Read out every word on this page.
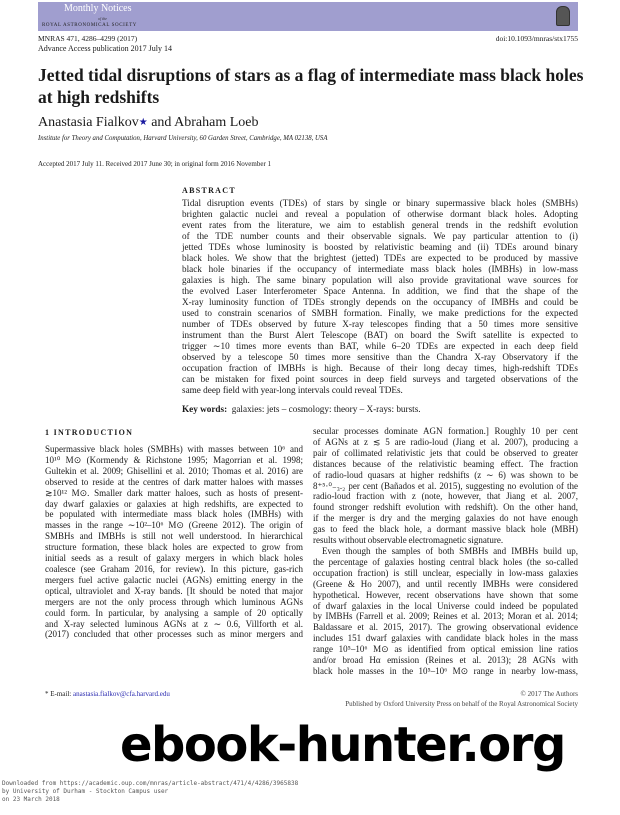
Monthly Notices
of the
ROYAL ASTRONOMICAL SOCIETY
MNRAS 471, 4286–4299 (2017)
Advance Access publication 2017 July 14
doi:10.1093/mnras/stx1755
Jetted tidal disruptions of stars as a flag of intermediate mass black holes at high redshifts
Anastasia Fialkov★ and Abraham Loeb
Institute for Theory and Computation, Harvard University, 60 Garden Street, Cambridge, MA 02138, USA
Accepted 2017 July 11. Received 2017 June 30; in original form 2016 November 1
ABSTRACT
Tidal disruption events (TDEs) of stars by single or binary supermassive black holes (SMBHs)
brighten galactic nuclei and reveal a population of otherwise dormant black holes. Adopting
event rates from the literature, we aim to establish general trends in the redshift evolution
of the TDE number counts and their observable signals. We pay particular attention to (i)
jetted TDEs whose luminosity is boosted by relativistic beaming and (ii) TDEs around binary
black holes. We show that the brightest (jetted) TDEs are expected to be produced by massive
black hole binaries if the occupancy of intermediate mass black holes (IMBHs) in low-mass
galaxies is high. The same binary population will also provide gravitational wave sources for
the evolved Laser Interferometer Space Antenna. In addition, we find that the shape of the
X-ray luminosity function of TDEs strongly depends on the occupancy of IMBHs and could be
used to constrain scenarios of SMBH formation. Finally, we make predictions for the expected
number of TDEs observed by future X-ray telescopes finding that a 50 times more sensitive
instrument than the Burst Alert Telescope (BAT) on board the Swift satellite is expected to
trigger ∼10 times more events than BAT, while 6–20 TDEs are expected in each deep field
observed by a telescope 50 times more sensitive than the Chandra X-ray Observatory if the
occupation fraction of IMBHs is high. Because of their long decay times, high-redshift TDEs
can be mistaken for fixed point sources in deep field surveys and targeted observations of the
same deep field with year-long intervals could reveal TDEs.
Key words: galaxies: jets – cosmology: theory – X-rays: bursts.
1 INTRODUCTION
Supermassive black holes (SMBHs) with masses between 10⁶ and
10¹⁰ M⊙ (Kormendy & Richstone 1995; Magorrian et al. 1998;
Gultekin et al. 2009; Ghisellini et al. 2010; Thomas et al. 2016) are
observed to reside at the centres of dark matter haloes with masses
≳10¹² M⊙. Smaller dark matter haloes, such as hosts of present-
day dwarf galaxies or galaxies at high redshifts, are expected to
be populated with intermediate mass black holes (IMBHs) with
masses in the range ∼10²–10⁶ M⊙ (Greene 2012). The origin of
SMBHs and IMBHs is still not well understood. In hierarchical
structure formation, these black holes are expected to grow from
initial seeds as a result of galaxy mergers in which black holes
coalesce (see Graham 2016, for review). In this picture, gas-rich
mergers fuel active galactic nuclei (AGNs) emitting energy in the
optical, ultraviolet and X-ray bands. [It should be noted that major
mergers are not the only process through which luminous AGNs
could form. In particular, by analysing a sample of 20 optically
and X-ray selected luminous AGNs at z ∼ 0.6, Villforth et al.
(2017) concluded that other processes such as minor mergers and
secular processes dominate AGN formation.] Roughly 10 per cent
of AGNs at z ≲ 5 are radio-loud (Jiang et al. 2007), producing a
pair of collimated relativistic jets that could be observed to greater
distances because of the relativistic beaming effect. The fraction
of radio-loud quasars at higher redshifts (z ∼ 6) was shown to be
8⁺⁵·⁰₋₃.₂ per cent (Bañados et al. 2015), suggesting no evolution of the
radio-loud fraction with z (note, however, that Jiang et al. 2007,
found stronger redshift evolution with redshift). On the other hand,
if the merger is dry and the merging galaxies do not have enough
gas to feed the black hole, a dormant massive black hole (MBH)
results without observable electromagnetic signature.
Even though the samples of both SMBHs and IMBHs build up,
the percentage of galaxies hosting central black holes (the so-called
occupation fraction) is still unclear, especially in low-mass galaxies
(Greene & Ho 2007), and until recently IMBHs were considered
hypothetical. However, recent observations have shown that some
of dwarf galaxies in the local Universe could indeed be populated
by IMBHs (Farrell et al. 2009; Reines et al. 2013; Moran et al. 2014;
Baldassare et al. 2015, 2017). The growing observational evidence
includes 151 dwarf galaxies with candidate black holes in the mass
range 10⁵–10⁶ M⊙ as identified from optical emission line ratios
and/or broad Hα emission (Reines et al. 2013); 28 AGNs with
black hole masses in the 10⁵–10⁶ M⊙ range in nearby low-mass,
* E-mail: anastasia.fialkov@cfa.harvard.edu	© 2017 The Authors
Published by Oxford University Press on behalf of the Royal Astronomical Society
ebook-hunter.org
Downloaded from https://academic.oup.com/mnras/article-abstract/471/4/4286/3965838
by University of Durham - Stockton Campus user
on 23 March 2018
